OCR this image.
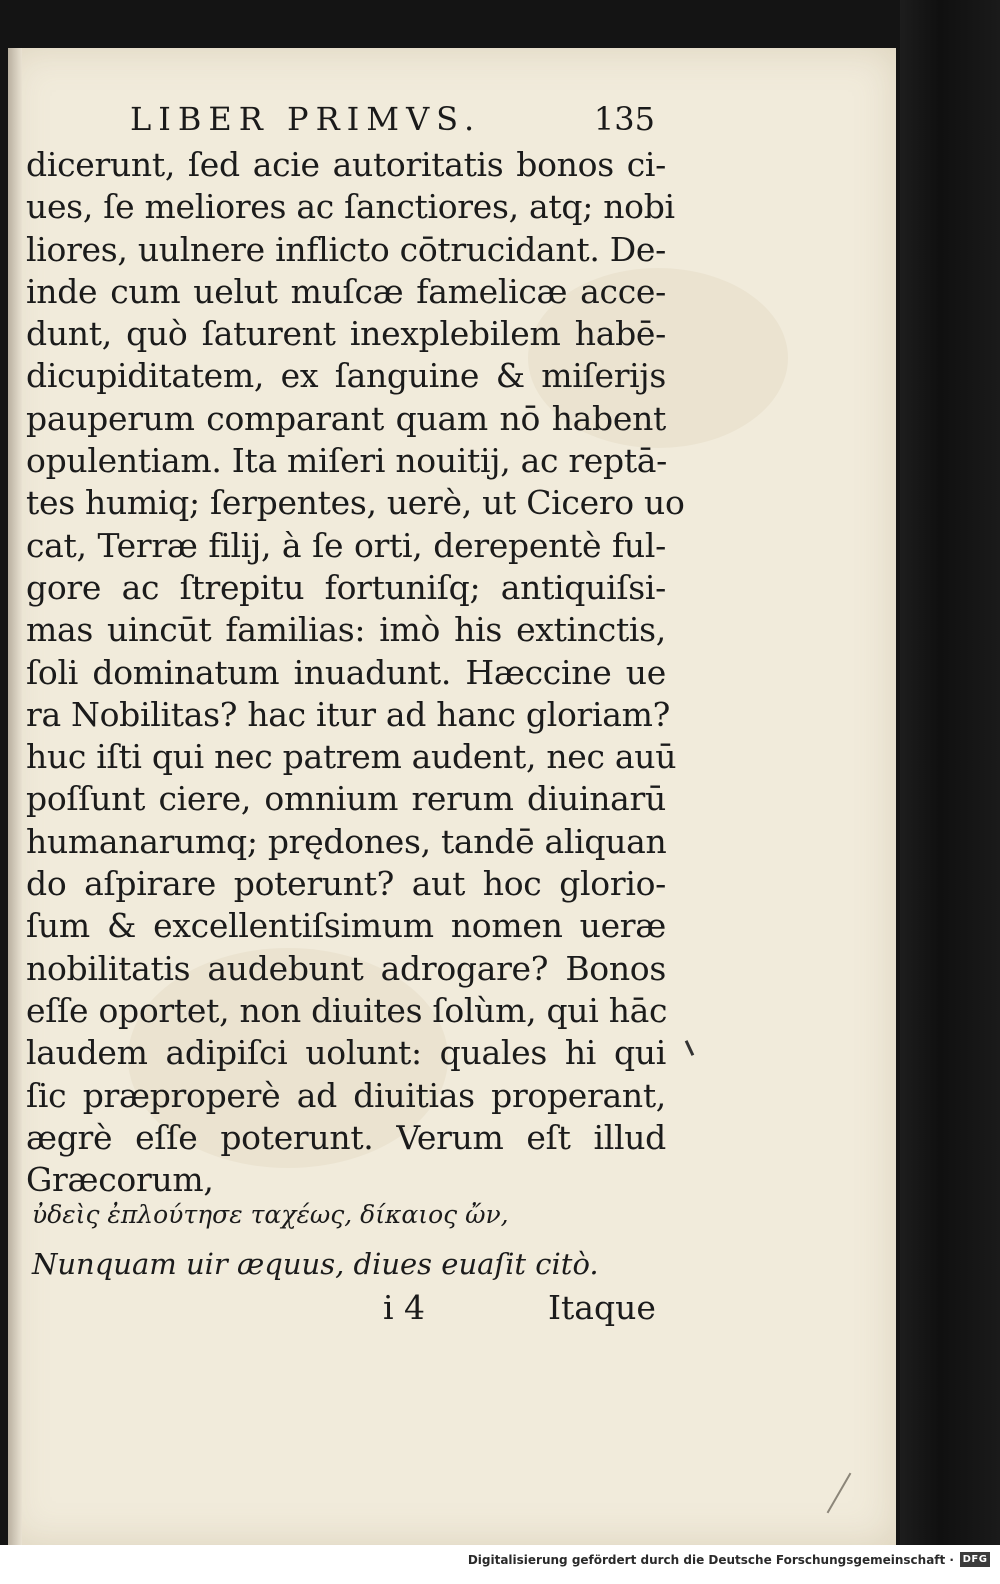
LIBER PRIMVS.	135
dicerunt, ſed acie autoritatis bonos ci-
ues, ſe meliores ac ſanctiores, atq; nobi
liores, uulnere inflicto cōtrucidant. De-
inde cum uelut muſcæ famelicæ acce-
dunt, quò ſaturent inexplebilem habē-
dicupiditatem, ex ſanguine & miſerijs
pauperum comparant quam nō habent
opulentiam. Ita miſeri nouitij, ac reptā-
tes humiq; ſerpentes, uerè, ut Cicero uo
cat, Terræ filij, à ſe orti, derepentè ful-
gore ac ſtrepitu fortuniſq; antiquiſsi-
mas uincūt familias: imò his extinctis,
ſoli dominatum inuadunt. Hæccine ue
ra Nobilitas? hac itur ad hanc gloriam?
huc iſti qui nec patrem audent, nec auū
poſſunt ciere, omnium rerum diuinarū
humanarumq; prędones, tandē aliquan
do aſpirare poterunt? aut hoc glorio-
ſum & excellentiſsimum nomen ueræ
nobilitatis audebunt adrogare? Bonos
eſſe oportet, non diuites ſolùm, qui hāc
laudem adipiſci uolunt: quales hi qui
ſic præproperè ad diuitias properant,
ægrè eſſe poterunt. Verum eſt illud
Græcorum,
ὐδεὶς ἐπλούτησε ταχέως, δίκαιος ὤν,
Nunquam uir æquus, diues euaſit citò.
i 4	Itaque
Digitalisierung gefördert durch die Deutsche Forschungsgemeinschaft · DFG
